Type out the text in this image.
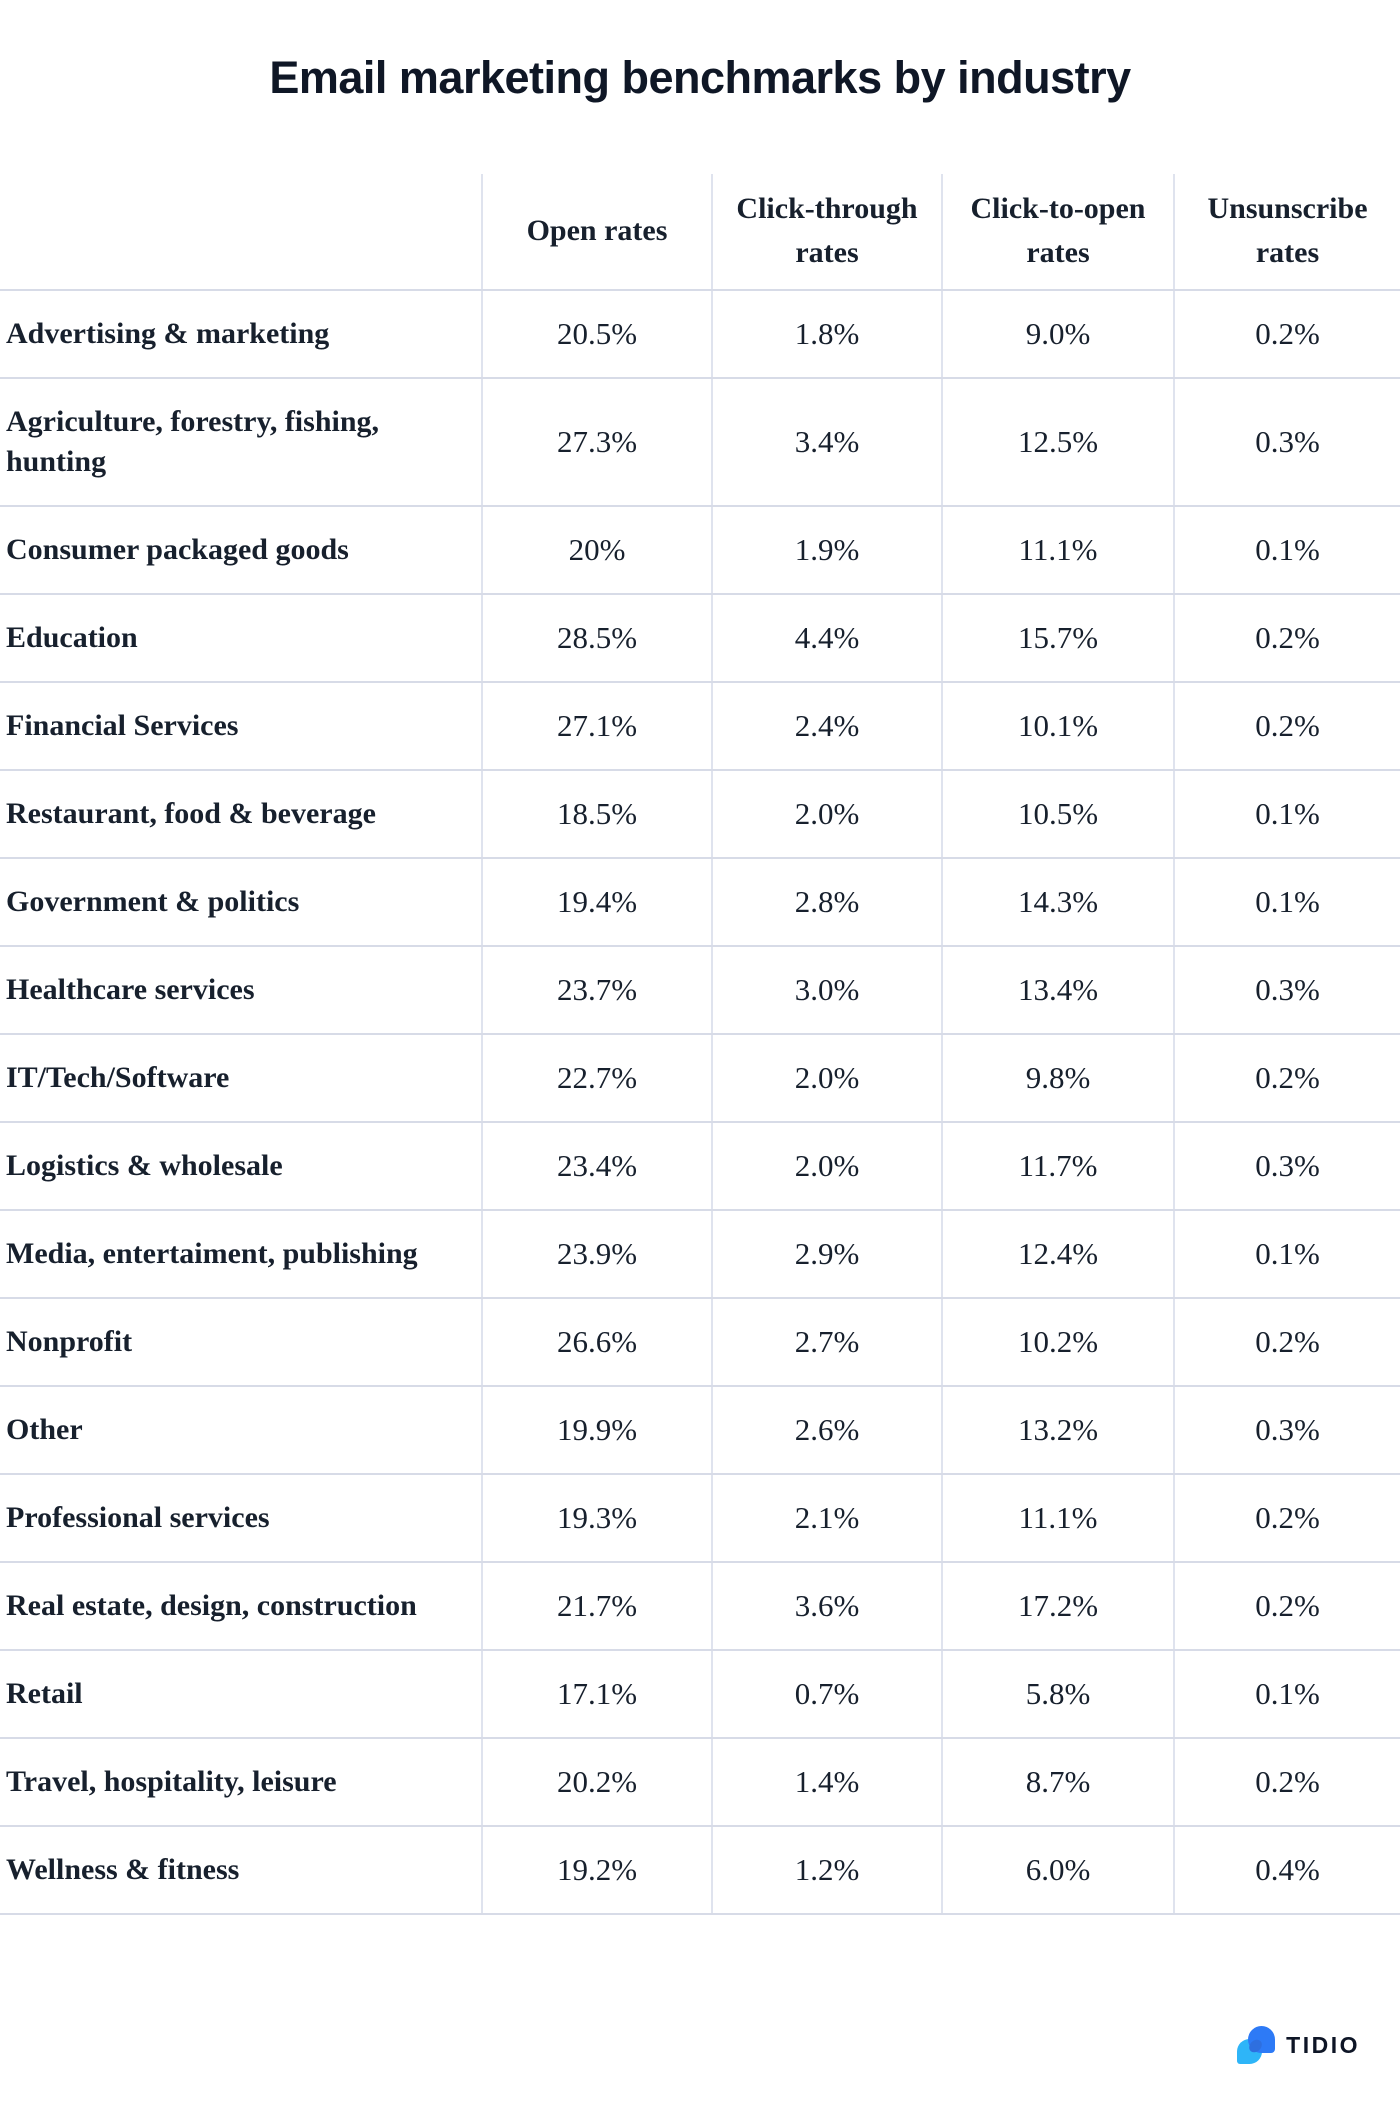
Email marketing benchmarks by industry
	Open rates	Click-through rates	Click-to-open rates	Unsunscribe rates
Advertising & marketing	20.5%	1.8%	9.0%	0.2%
Agriculture, forestry, fishing, hunting	27.3%	3.4%	12.5%	0.3%
Consumer packaged goods	20%	1.9%	11.1%	0.1%
Education	28.5%	4.4%	15.7%	0.2%
Financial Services	27.1%	2.4%	10.1%	0.2%
Restaurant, food & beverage	18.5%	2.0%	10.5%	0.1%
Government & politics	19.4%	2.8%	14.3%	0.1%
Healthcare services	23.7%	3.0%	13.4%	0.3%
IT/Tech/Software	22.7%	2.0%	9.8%	0.2%
Logistics & wholesale	23.4%	2.0%	11.7%	0.3%
Media, entertaiment, publishing	23.9%	2.9%	12.4%	0.1%
Nonprofit	26.6%	2.7%	10.2%	0.2%
Other	19.9%	2.6%	13.2%	0.3%
Professional services	19.3%	2.1%	11.1%	0.2%
Real estate, design, construction	21.7%	3.6%	17.2%	0.2%
Retail	17.1%	0.7%	5.8%	0.1%
Travel, hospitality, leisure	20.2%	1.4%	8.7%	0.2%
Wellness & fitness	19.2%	1.2%	6.0%	0.4%
TIDIO
